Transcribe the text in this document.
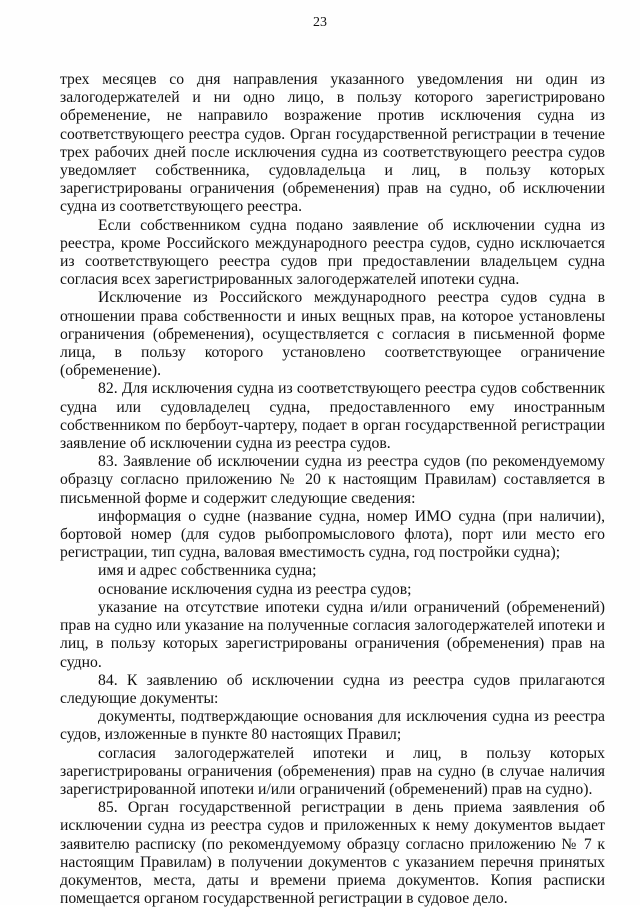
23

трех месяцев со дня направления указанного уведомления ни один из залогодержателей и ни одно лицо, в пользу которого зарегистрировано обременение, не направило возражение против исключения судна из соответствующего реестра судов. Орган государственной регистрации в течение трех рабочих дней после исключения судна из соответствующего реестра судов уведомляет собственника, судовладельца и лиц, в пользу которых зарегистрированы ограничения (обременения) прав на судно, об исключении судна из соответствующего реестра.

Если собственником судна подано заявление об исключении судна из реестра, кроме Российского международного реестра судов, судно исключается из соответствующего реестра судов при предоставлении владельцем судна согласия всех зарегистрированных залогодержателей ипотеки судна.

Исключение из Российского международного реестра судов судна в отношении права собственности и иных вещных прав, на которое установлены ограничения (обременения), осуществляется с согласия в письменной форме лица, в пользу которого установлено соответствующее ограничение (обременение).

82. Для исключения судна из соответствующего реестра судов собственник судна или судовладелец судна, предоставленного ему иностранным собственником по бербоут-чартеру, подает в орган государственной регистрации заявление об исключении судна из реестра судов.

83. Заявление об исключении судна из реестра судов (по рекомендуемому образцу согласно приложению № 20 к настоящим Правилам) составляется в письменной форме и содержит следующие сведения:

информация о судне (название судна, номер ИМО судна (при наличии), бортовой номер (для судов рыбопромыслового флота), порт или место его регистрации, тип судна, валовая вместимость судна, год постройки судна);

имя и адрес собственника судна;

основание исключения судна из реестра судов;

указание на отсутствие ипотеки судна и/или ограничений (обременений) прав на судно или указание на полученные согласия залогодержателей ипотеки и лиц, в пользу которых зарегистрированы ограничения (обременения) прав на судно.

84. К заявлению об исключении судна из реестра судов прилагаются следующие документы:

документы, подтверждающие основания для исключения судна из реестра судов, изложенные в пункте 80 настоящих Правил;

согласия залогодержателей ипотеки и лиц, в пользу которых зарегистрированы ограничения (обременения) прав на судно (в случае наличия зарегистрированной ипотеки и/или ограничений (обременений) прав на судно).

85. Орган государственной регистрации в день приема заявления об исключении судна из реестра судов и приложенных к нему документов выдает заявителю расписку (по рекомендуемому образцу согласно приложению № 7 к настоящим Правилам) в получении документов с указанием перечня принятых документов, места, даты и времени приема документов. Копия расписки помещается органом государственной регистрации в судовое дело.
